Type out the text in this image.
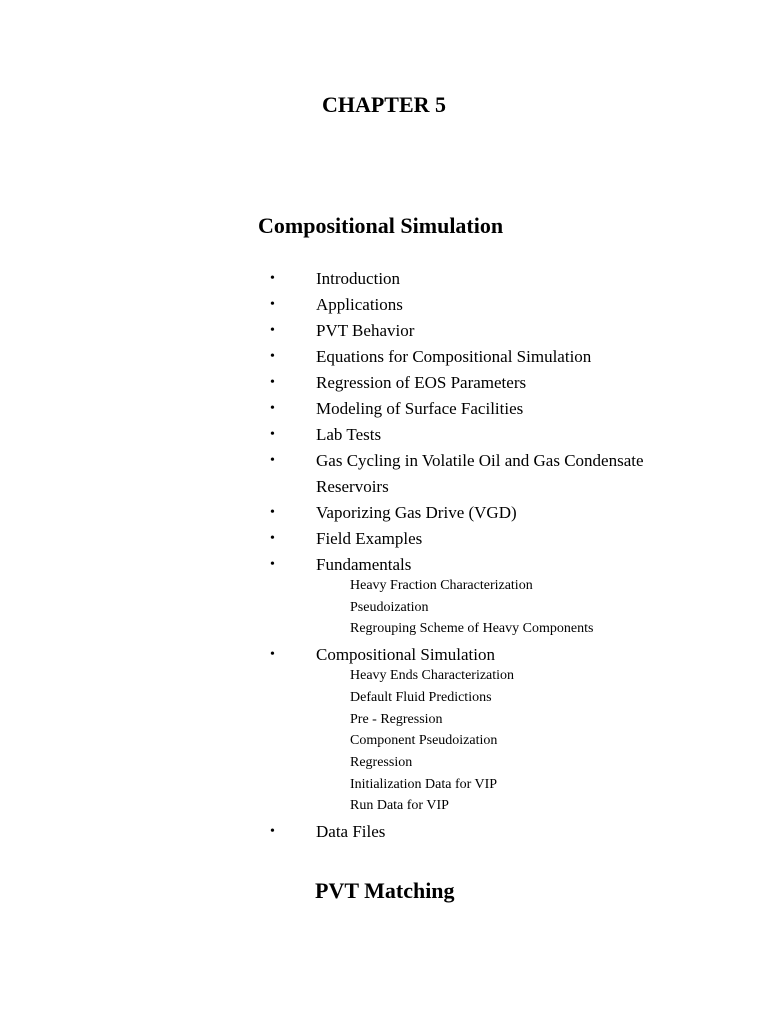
CHAPTER 5
Compositional Simulation
• Introduction
• Applications
• PVT Behavior
• Equations for Compositional Simulation
• Regression of EOS Parameters
• Modeling of Surface Facilities
• Lab Tests
• Gas Cycling in Volatile Oil and Gas Condensate Reservoirs
• Vaporizing Gas Drive (VGD)
• Field Examples
• Fundamentals
Heavy Fraction Characterization
Pseudoization
Regrouping Scheme of Heavy Components
• Compositional Simulation
Heavy Ends Characterization
Default Fluid Predictions
Pre - Regression
Component Pseudoization
Regression
Initialization Data for VIP
Run Data for VIP
• Data Files
PVT Matching
